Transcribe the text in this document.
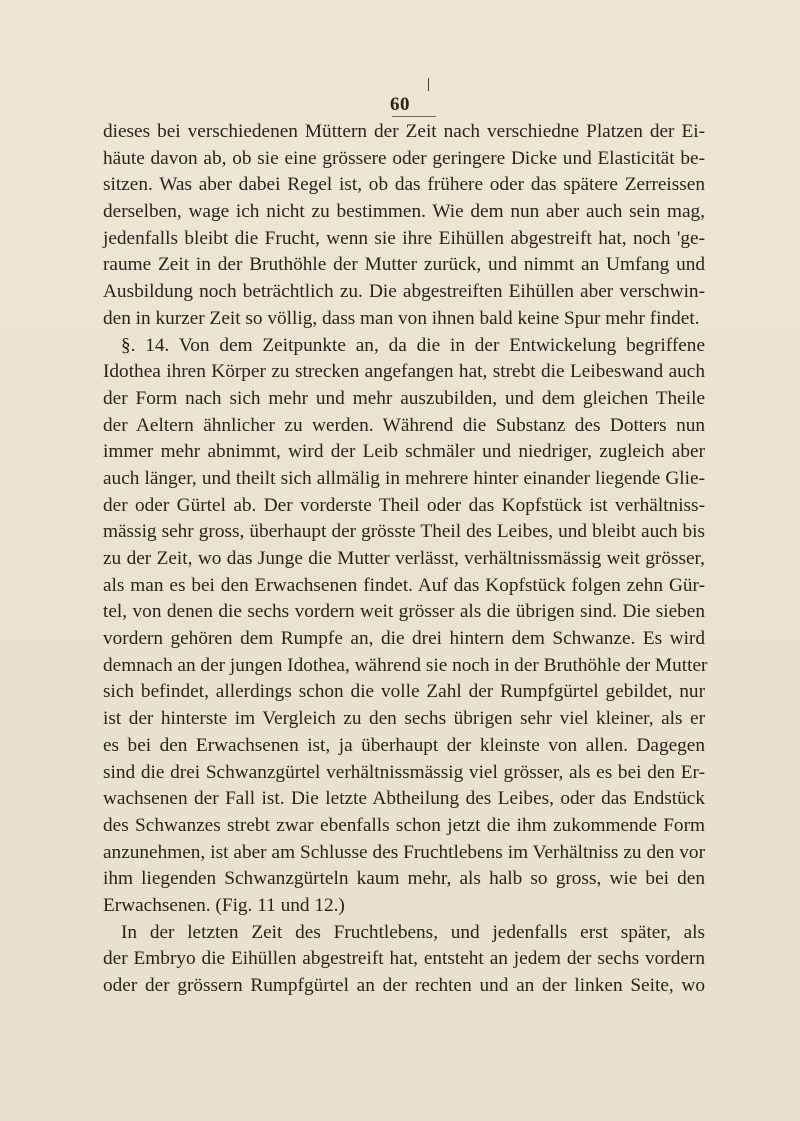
60
dieses bei verschiedenen Müttern der Zeit nach verschiedne Platzen der Ei-
häute davon ab, ob sie eine grössere oder geringere Dicke und Elasticität be-
sitzen. Was aber dabei Regel ist, ob das frühere oder das spätere Zerreissen
derselben, wage ich nicht zu bestimmen. Wie dem nun aber auch sein mag,
jedenfalls bleibt die Frucht, wenn sie ihre Eihüllen abgestreift hat, noch 'ge-
raume Zeit in der Bruthöhle der Mutter zurück, und nimmt an Umfang und
Ausbildung noch beträchtlich zu. Die abgestreiften Eihüllen aber verschwin-
den in kurzer Zeit so völlig, dass man von ihnen bald keine Spur mehr findet.
§. 14. Von dem Zeitpunkte an, da die in der Entwickelung begriffene
Idothea ihren Körper zu strecken angefangen hat, strebt die Leibeswand auch
der Form nach sich mehr und mehr auszubilden, und dem gleichen Theile
der Aeltern ähnlicher zu werden. Während die Substanz des Dotters nun
immer mehr abnimmt, wird der Leib schmäler und niedriger, zugleich aber
auch länger, und theilt sich allmälig in mehrere hinter einander liegende Glie-
der oder Gürtel ab. Der vorderste Theil oder das Kopfstück ist verhältniss-
mässig sehr gross, überhaupt der grösste Theil des Leibes, und bleibt auch bis
zu der Zeit, wo das Junge die Mutter verlässt, verhältnissmässig weit grösser,
als man es bei den Erwachsenen findet. Auf das Kopfstück folgen zehn Gür-
tel, von denen die sechs vordern weit grösser als die übrigen sind. Die sieben
vordern gehören dem Rumpfe an, die drei hintern dem Schwanze. Es wird
demnach an der jungen Idothea, während sie noch in der Bruthöhle der Mutter
sich befindet, allerdings schon die volle Zahl der Rumpfgürtel gebildet, nur
ist der hinterste im Vergleich zu den sechs übrigen sehr viel kleiner, als er
es bei den Erwachsenen ist, ja überhaupt der kleinste von allen. Dagegen
sind die drei Schwanzgürtel verhältnissmässig viel grösser, als es bei den Er-
wachsenen der Fall ist. Die letzte Abtheilung des Leibes, oder das Endstück
des Schwanzes strebt zwar ebenfalls schon jetzt die ihm zukommende Form
anzunehmen, ist aber am Schlusse des Fruchtlebens im Verhältniss zu den vor
ihm liegenden Schwanzgürteln kaum mehr, als halb so gross, wie bei den
Erwachsenen. (Fig. 11 und 12.)
In der letzten Zeit des Fruchtlebens, und jedenfalls erst später, als
der Embryo die Eihüllen abgestreift hat, entsteht an jedem der sechs vordern
oder der grössern Rumpfgürtel an der rechten und an der linken Seite, wo
